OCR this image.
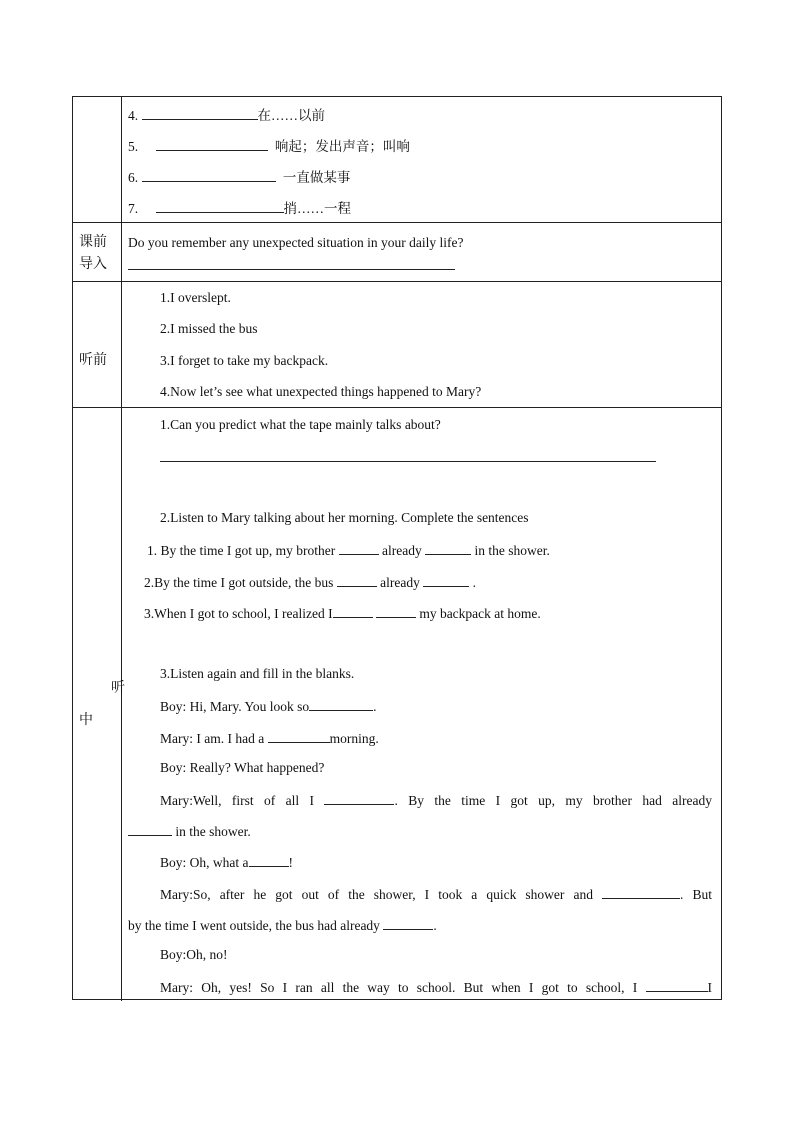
4.	在……以前
5.	响起；发出声音；叫响
6.	一直做某事
7.	捎……一程
课前
导入
Do you remember any unexpected situation in your daily life?
听前
1.I overslept.
2.I missed the bus
3.I forget to take my backpack.
4.Now let’s see what unexpected things happened to Mary?
听
中
1.Can you predict what the tape mainly talks about?
2.Listen to Mary talking about her morning. Complete the sentences
1. By the time I got up, my brother	already	in the shower.
2.By the time I got outside, the bus	already	.
3.When I got to school, I realized I	my backpack at home.
3.Listen again and fill in the blanks.
Boy: Hi, Mary. You look so	.
Mary: I am. I had a	morning.
Boy: Really? What happened?
Mary:Well, first of all I	. By the time I got up, my brother had already
in the shower.
Boy: Oh, what a	!
Mary:So, after he got out of the shower, I took a quick shower and	. But
by the time I went outside, the bus had already	.
Boy:Oh, no!
Mary: Oh, yes! So I ran all the way to school. But when I got to school, I	I
